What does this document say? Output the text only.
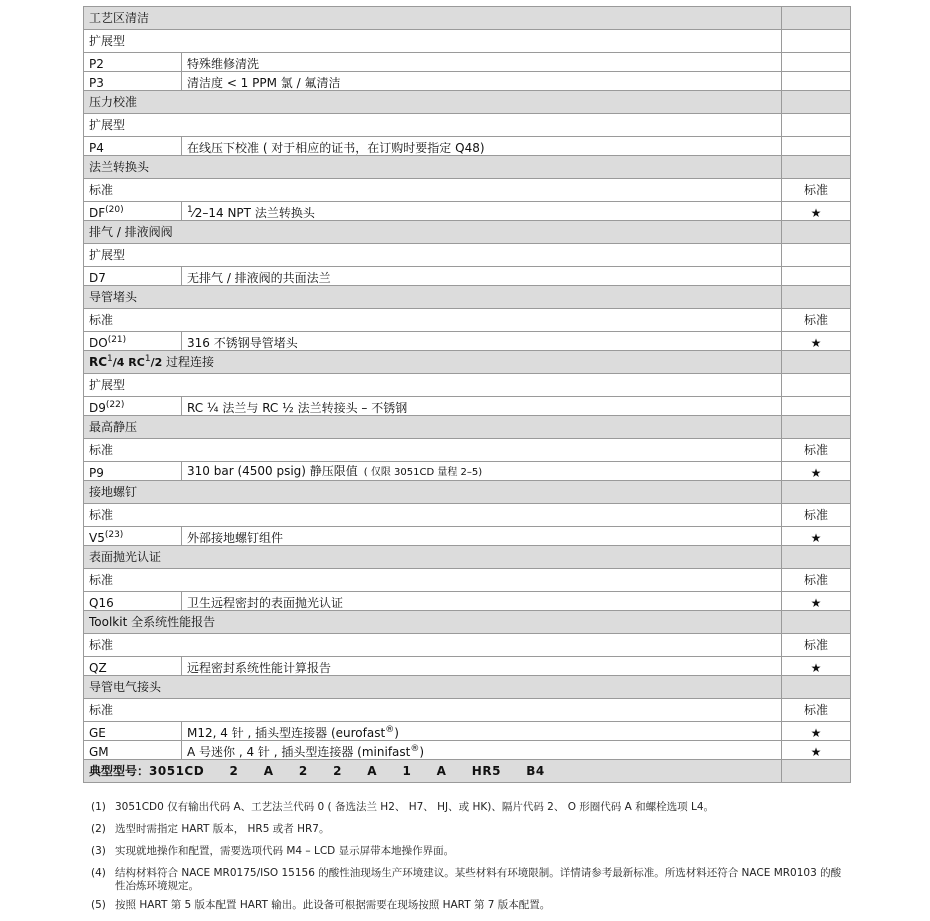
工艺区清洁		
扩展型		
P2	特殊维修清洗	
P3	清洁度 < 1 PPM 氯 / 氟清洁	
压力校准		
扩展型		
P4	在线压下校准 ( 对于相应的证书，在订购时要指定 Q48)	
法兰转换头		
标准		标准
DF$^{(20)}$	$^1$⁄2–14 NPT 法兰转换头	★
排气 / 排液阀阀		
扩展型		
D7	无排气 / 排液阀的共面法兰	
导管堵头		
标准		标准
DO$^{(21)}$	316 不锈钢导管堵头	★
$RC^1/4$ $RC^1/2$ 过程连接		
扩展型		
D9$^{(22)}$	RC ¼ 法兰与 RC ½ 法兰转接头 – 不锈钢	
最高静压		
标准		标准
P9	310 bar (4500 psig) 静压限值 ( 仅限 3051CD 量程 2–5)	★
接地螺钉		
标准		标准
V5$^{(23)}$	外部接地螺钉组件	★
表面抛光认证		
标准		标准
Q16	卫生远程密封的表面抛光认证	★
Toolkit 全系统性能报告		
标准		标准
QZ	远程密封系统性能计算报告	★
导管电气接头		
标准		标准
GE	M12, 4 针 , 插头型连接器 (eurofast®)	★
GM	A 号迷你 , 4 针 , 插头型连接器 (minifast®)	★
典型型号：3051CD  2  A  2  2  A  1  A  HR5  B4		
(1) 3051CD0 仅有输出代码 A、工艺法兰代码 0 ( 备选法兰 H2、 H7、 HJ、或 HK)、隔片代码 2、 O 形圈代码 A 和螺栓选项 L4。
(2) 选型时需指定 HART 版本， HR5 或者 HR7。
(3) 实现就地操作和配置，需要选项代码 M4 – LCD 显示屏带本地操作界面。
(4) 结构材料符合 NACE MR0175/ISO 15156 的酸性油现场生产环境建议。某些材料有环境限制。详情请参考最新标准。所选材料还符合 NACE MR0103 的酸性冶炼环境规定。
(5) 按照 HART 第 5 版本配置 HART 输出。此设备可根据需要在现场按照 HART 第 7 版本配置。
